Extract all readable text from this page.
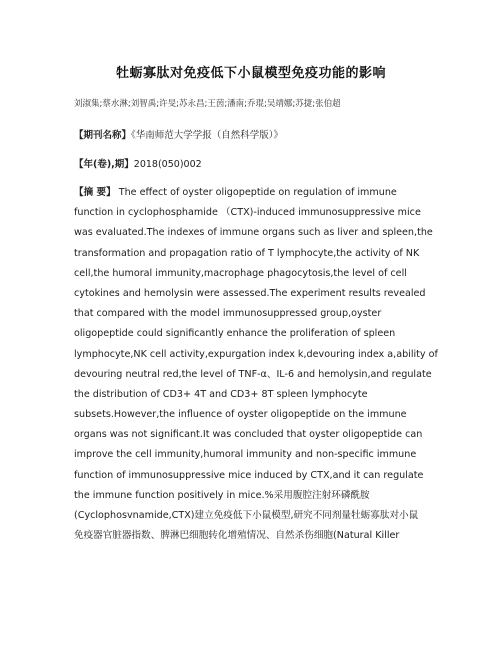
牡蛎寡肽对免疫低下小鼠模型免疫功能的影响
刘淑集;蔡水淋;刘智禹;许旻;苏永昌;王茵;潘南;乔琨;吴靖娜;苏捷;张伯超
【期刊名称】《华南师范大学学报（自然科学版）》
【年(卷),期】2018(050)002
【摘 要】 The effect of oyster oligopeptide on regulation of immune
function in cyclophosphamide （CTX)-induced immunosuppressive mice
was evaluated.The indexes of immune organs such as liver and spleen,the
transformation and propagation ratio of T lymphocyte,the activity of NK
cell,the humoral immunity,macrophage phagocytosis,the level of cell
cytokines and hemolysin were assessed.The experiment results revealed
that compared with the model immunosuppressed group,oyster
oligopeptide could significantly enhance the proliferation of spleen
lymphocyte,NK cell activity,expurgation index k,devouring index a,ability of
devouring neutral red,the level of TNF-α、IL-6 and hemolysin,and regulate
the distribution of CD3+ 4T and CD3+ 8T spleen lymphocyte
subsets.However,the influence of oyster oligopeptide on the immune
organs was not significant.It was concluded that oyster oligopeptide can
improve the cell immunity,humoral immunity and non-specific immune
function of immunosuppressive mice induced by CTX,and it can regulate
the immune function positively in mice.%采用腹腔注射环磷酰胺
(Cyclophosvnamide,CTX)建立免疫低下小鼠模型,研究不同剂量牡蛎寡肽对小鼠
免疫器官脏器指数、脾淋巴细胞转化增殖情况、自然杀伤细胞(Natural Killer
